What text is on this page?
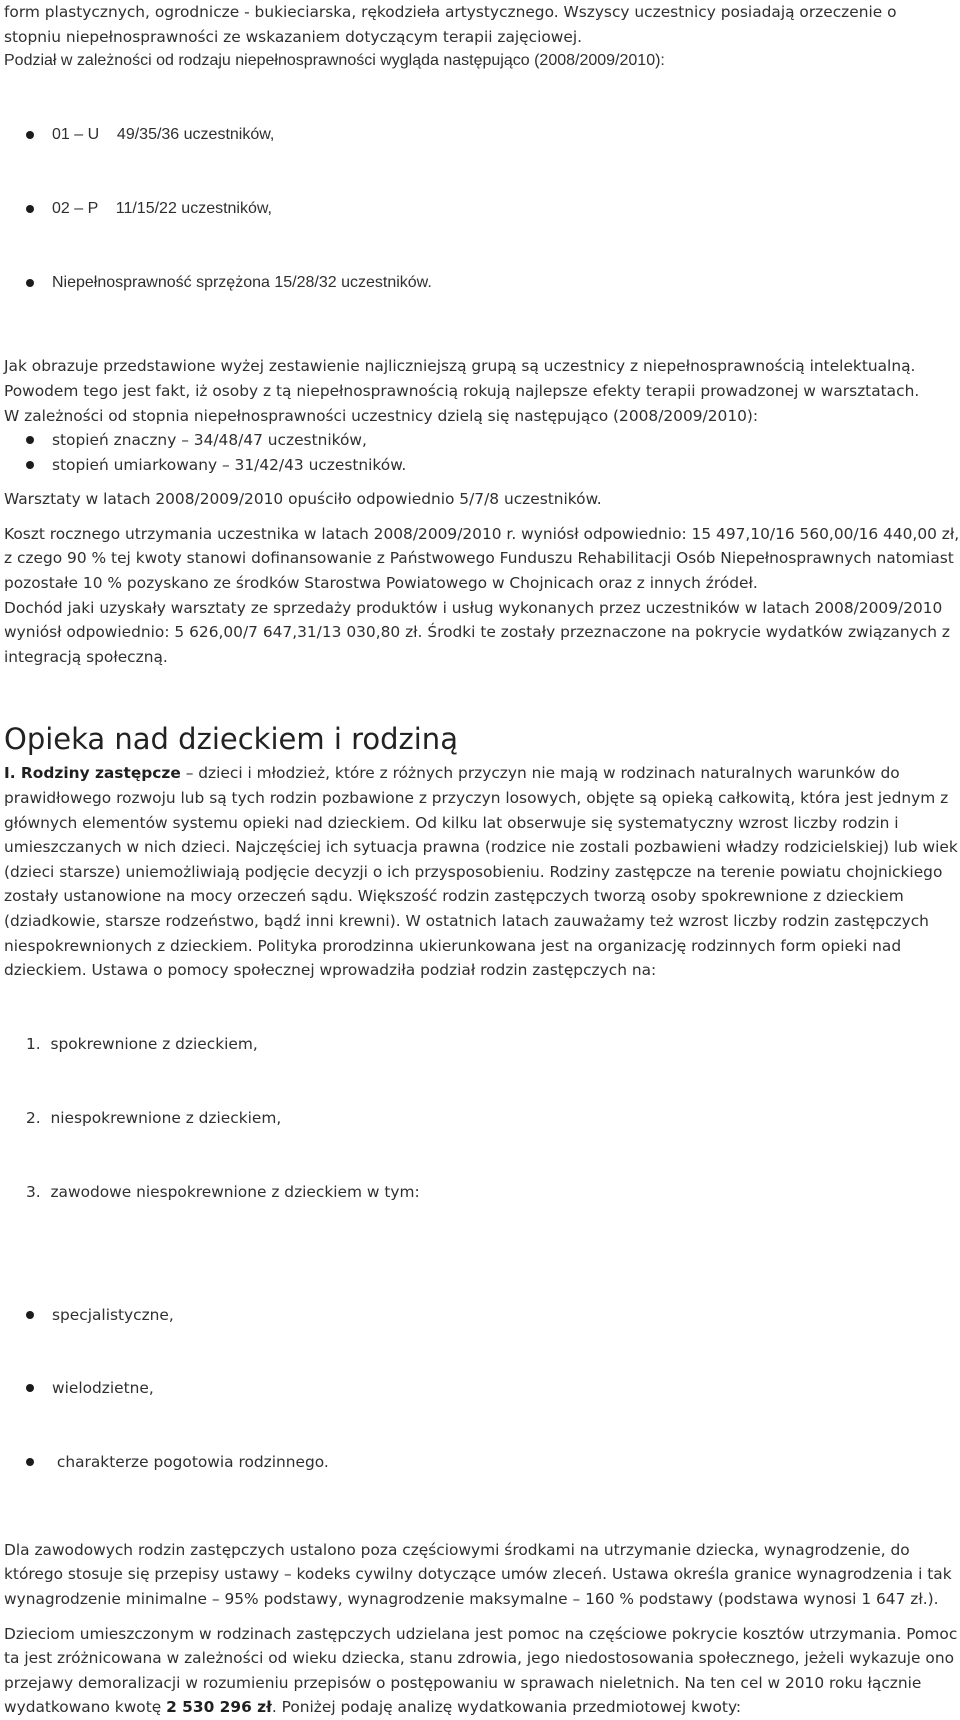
form plastycznych, ogrodnicze - bukieciarska, rękodzieła artystycznego. Wszyscy uczestnicy posiadają orzeczenie o

stopniu niepełnosprawności ze wskazaniem dotyczącym terapii zajęciowej.

Podział w zależności od rodzaju niepełnosprawności wygląda następująco (2008/2009/2010):

01 – U    49/35/36 uczestników,

02 – P    11/15/22 uczestników,

Niepełnosprawność sprzężona 15/28/32 uczestników.

Jak obrazuje przedstawione wyżej zestawienie najliczniejszą grupą są uczestnicy z niepełnosprawnością intelektualną. Powodem tego jest fakt, iż osoby z tą niepełnosprawnością rokują najlepsze efekty terapii prowadzonej w warsztatach.

W zależności od stopnia niepełnosprawności uczestnicy dzielą się następująco (2008/2009/2010):

stopień znaczny – 34/48/47 uczestników,
stopień umiarkowany – 31/42/43 uczestników.

Warsztaty w latach 2008/2009/2010 opuściło odpowiednio 5/7/8 uczestników.

Koszt rocznego utrzymania uczestnika w latach 2008/2009/2010 r. wyniósł odpowiednio: 15 497,10/16 560,00/16 440,00 zł, z czego 90 % tej kwoty stanowi dofinansowanie z Państwowego Funduszu Rehabilitacji Osób Niepełnosprawnych natomiast pozostałe 10 % pozyskano ze środków Starostwa Powiatowego w Chojnicach oraz z innych źródeł.

Dochód jaki uzyskały warsztaty ze sprzedaży produktów i usług wykonanych przez uczestników w latach 2008/2009/2010 wyniósł odpowiednio: 5 626,00/7 647,31/13 030,80 zł. Środki te zostały przeznaczone na pokrycie wydatków związanych z integracją społeczną.

Opieka nad dzieckiem i rodziną

I. Rodziny zastępcze – dzieci i młodzież, które z różnych przyczyn nie mają w rodzinach naturalnych warunków do prawidłowego rozwoju lub są tych rodzin pozbawione z przyczyn losowych, objęte są opieką całkowitą, która jest jednym z głównych elementów systemu opieki nad dzieckiem. Od kilku lat obserwuje się systematyczny wzrost liczby rodzin i umieszczanych w nich dzieci. Najczęściej ich sytuacja prawna (rodzice nie zostali pozbawieni władzy rodzicielskiej) lub wiek (dzieci starsze) uniemożliwiają podjęcie decyzji o ich przysposobieniu. Rodziny zastępcze na terenie powiatu chojnickiego zostały ustanowione na mocy orzeczeń sądu. Większość rodzin zastępczych tworzą osoby spokrewnione z dzieckiem (dziadkowie, starsze rodzeństwo, bądź inni krewni). W ostatnich latach zauważamy też wzrost liczby rodzin zastępczych niespokrewnionych z dzieckiem. Polityka prorodzinna ukierunkowana jest na organizację rodzinnych form opieki nad dzieckiem. Ustawa o pomocy społecznej wprowadziła podział rodzin zastępczych na:

1.  spokrewnione z dzieckiem,

2.  niespokrewnione z dzieckiem,

3.  zawodowe niespokrewnione z dzieckiem w tym:

specjalistyczne,

wielodzietne,

charakterze pogotowia rodzinnego.

Dla zawodowych rodzin zastępczych ustalono poza częściowymi środkami na utrzymanie dziecka, wynagrodzenie, do którego stosuje się przepisy ustawy – kodeks cywilny dotyczące umów zleceń. Ustawa określa granice wynagrodzenia i tak wynagrodzenie minimalne – 95% podstawy, wynagrodzenie maksymalne – 160 % podstawy (podstawa wynosi 1 647 zł.).

Dzieciom umieszczonym w rodzinach zastępczych udzielana jest pomoc na częściowe pokrycie kosztów utrzymania. Pomoc ta jest zróżnicowana w zależności od wieku dziecka, stanu zdrowia, jego niedostosowania społecznego, jeżeli wykazuje ono przejawy demoralizacji w rozumieniu przepisów o postępowaniu w sprawach nieletnich. Na ten cel w 2010 roku łącznie wydatkowano kwotę 2 530 296 zł. Poniżej podaję analizę wydatkowania przedmiotowej kwoty:
